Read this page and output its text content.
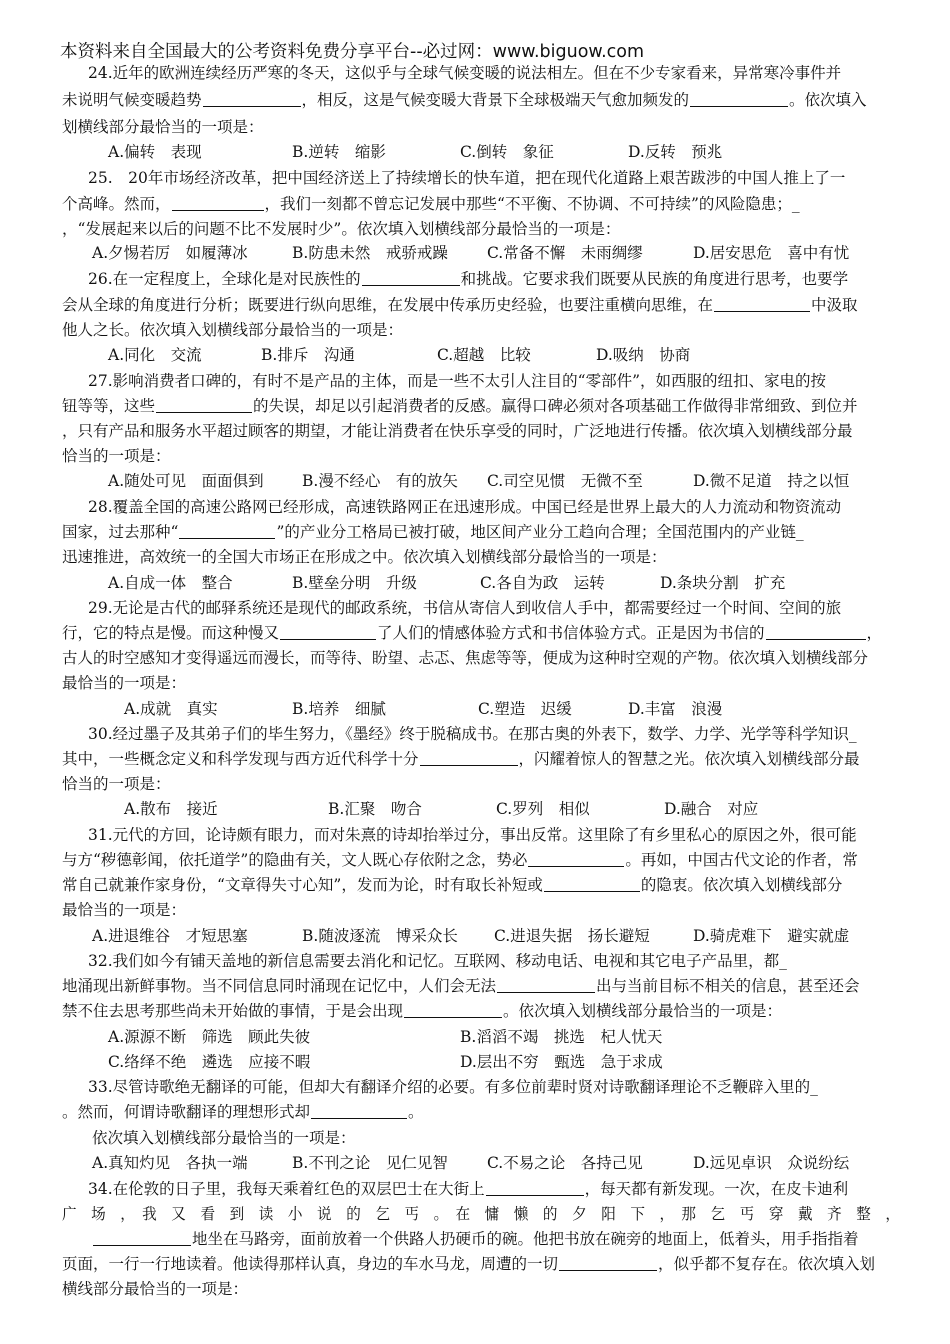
本资料来自全国最大的公考资料免费分享平台--必过网：www.biguow.com
24.近年的欧洲连续经历严寒的冬天，这似乎与全球气候变暖的说法相左。但在不少专家看来，异常寒冷事件并
未说明气候变暖趋势	，相反，这是气候变暖大背景下全球极端天气愈加频发的	。依次填入
划横线部分最恰当的一项是：
A.偏转　表现	B.逆转　缩影	C.倒转　象征	D.反转　预兆
25.　20年市场经济改革，把中国经济送上了持续增长的快车道，把在现代化道路上艰苦跋涉的中国人推上了一
个高峰。然而，	，我们一刻都不曾忘记发展中那些“不平衡、不协调、不可持续”的风险隐患；_
，“发展起来以后的问题不比不发展时少”。依次填入划横线部分最恰当的一项是：
A.夕惕若厉　如履薄冰	B.防患未然　戒骄戒躁	C.常备不懈　未雨绸缪	D.居安思危　喜中有忧
26.在一定程度上，全球化是对民族性的	和挑战。它要求我们既要从民族的角度进行思考，也要学
会从全球的角度进行分析；既要进行纵向思维，在发展中传承历史经验，也要注重横向思维，在	中汲取
他人之长。依次填入划横线部分最恰当的一项是：
A.同化　交流	B.排斥　沟通	C.超越　比较	D.吸纳　协商
27.影响消费者口碑的，有时不是产品的主体，而是一些不太引人注目的“零部件”，如西服的纽扣、家电的按
钮等等，这些	的失误，却足以引起消费者的反感。赢得口碑必须对各项基础工作做得非常细致、到位并
，只有产品和服务水平超过顾客的期望，才能让消费者在快乐享受的同时，广泛地进行传播。依次填入划横线部分最
恰当的一项是：
A.随处可见　面面俱到 B.漫不经心　有的放矢 C.司空见惯　无微不至	D.微不足道　持之以恒
28.覆盖全国的高速公路网已经形成，高速铁路网正在迅速形成。中国已经是世界上最大的人力流动和物资流动
国家，过去那种“	”的产业分工格局已被打破，地区间产业分工趋向合理；全国范围内的产业链_
迅速推进，高效统一的全国大市场正在形成之中。依次填入划横线部分最恰当的一项是：
A.自成一体　整合	B.壁垒分明　升级	C.各自为政　运转	D.条块分割　扩充
29.无论是古代的邮驿系统还是现代的邮政系统，书信从寄信人到收信人手中，都需要经过一个时间、空间的旅
行，它的特点是慢。而这种慢又	了人们的情感体验方式和书信体验方式。正是因为书信的	，
古人的时空感知才变得遥远而漫长，而等待、盼望、忐忑、焦虑等等，便成为这种时空观的产物。依次填入划横线部分
最恰当的一项是：
A.成就　真实	B.培养　细腻	C.塑造　迟缓	D.丰富　浪漫
30.经过墨子及其弟子们的毕生努力，《墨经》终于脱稿成书。在那古奥的外表下，数学、力学、光学等科学知识_
其中，一些概念定义和科学发现与西方近代科学十分	，闪耀着惊人的智慧之光。依次填入划横线部分最
恰当的一项是：
A.散布　接近	B.汇聚　吻合	C.罗列　相似	D.融合　对应
31.元代的方回，论诗颇有眼力，而对朱熹的诗却抬举过分，事出反常。这里除了有乡里私心的原因之外，很可能
与方“秽德彰闻，依托道学”的隐曲有关，文人既心存依附之念，势必	。再如，中国古代文论的作者，常
常自己就兼作家身份，“文章得失寸心知”，发而为论，时有取长补短或	的隐衷。依次填入划横线部分
最恰当的一项是：
A.进退维谷　才短思塞	B.随波逐流　博采众长 C.进退失据　扬长避短	D.骑虎难下　避实就虚
32.我们如今有铺天盖地的新信息需要去消化和记忆。互联网、移动电话、电视和其它电子产品里，都_
地涌现出新鲜事物。当不同信息同时涌现在记忆中，人们会无法	出与当前目标不相关的信息，甚至还会
禁不住去思考那些尚未开始做的事情，于是会出现	。依次填入划横线部分最恰当的一项是：
A.源源不断　筛选　顾此失彼	B.滔滔不竭　挑选　杞人忧天
C.络绎不绝　遴选　应接不暇	D.层出不穷　甄选　急于求成
33.尽管诗歌绝无翻译的可能，但却大有翻译介绍的必要。有多位前辈时贤对诗歌翻译理论不乏鞭辟入里的_
。然而，何谓诗歌翻译的理想形式却	。
依次填入划横线部分最恰当的一项是：
A.真知灼见　各执一端	B.不刊之论　见仁见智	C.不易之论　各持己见	D.远见卓识　众说纷纭
34.在伦敦的日子里，我每天乘着红色的双层巴士在大街上	，每天都有新发现。一次，在皮卡迪利
广　场　，　我　又　看　到　读　小　说　的　乞　丐　。　在　慵　懒　的　夕　阳　下　，　那　乞　丐　穿　戴　齐　整　，
地坐在马路旁，面前放着一个供路人扔硬币的碗。他把书放在碗旁的地面上，低着头，用手指指着
页面，一行一行地读着。他读得那样认真，身边的车水马龙，周遭的一切	，似乎都不复存在。依次填入划
横线部分最恰当的一项是：
